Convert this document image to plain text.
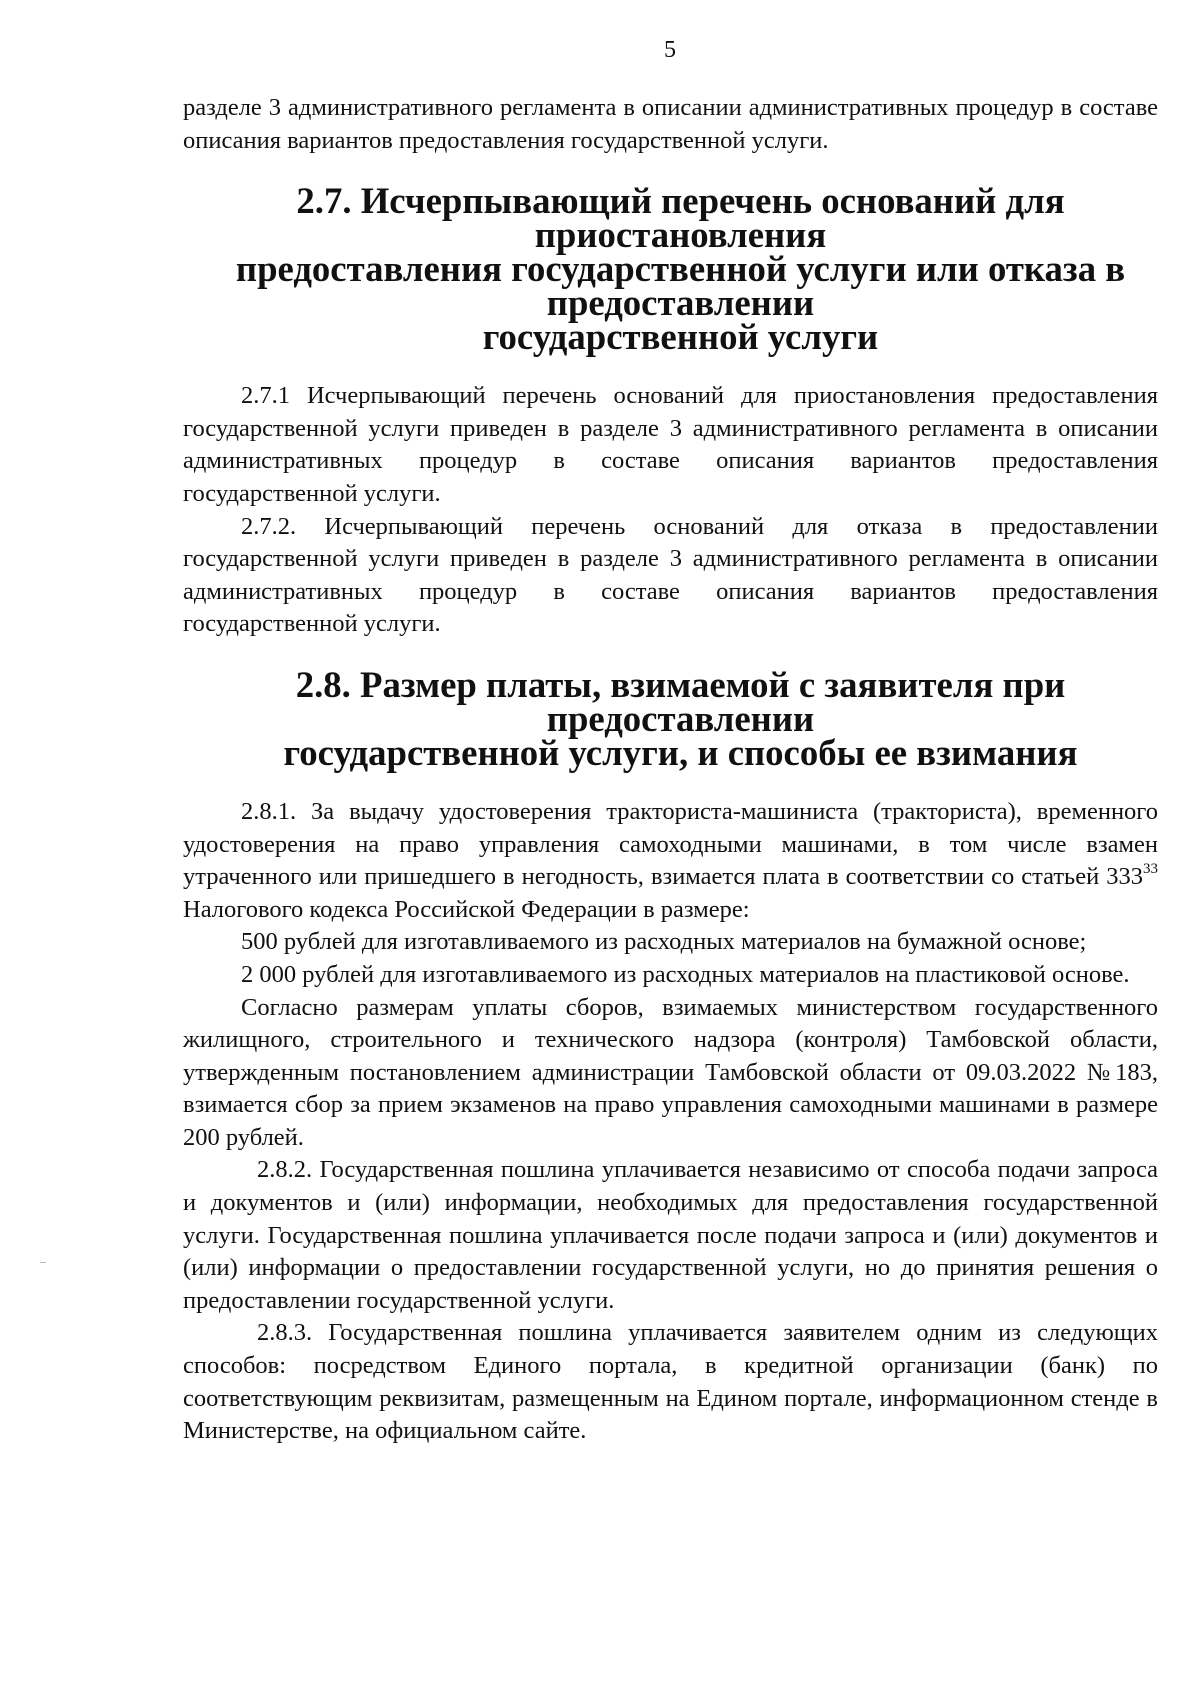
5

разделе 3 административного регламента в описании административных процедур в составе описания вариантов предоставления государственной услуги.

2.7. Исчерпывающий перечень оснований для приостановления
предоставления государственной услуги или отказа в предоставлении
государственной услуги

2.7.1 Исчерпывающий перечень оснований для приостановления предоставления государственной услуги приведен в разделе 3 административного регламента в описании административных процедур в составе описания вариантов предоставления государственной услуги.

2.7.2. Исчерпывающий перечень оснований для отказа в предоставлении государственной услуги приведен в разделе 3 административного регламента в описании административных процедур в составе описания вариантов предоставления государственной услуги.

2.8. Размер платы, взимаемой с заявителя при предоставлении
государственной услуги, и способы ее взимания

2.8.1. За выдачу удостоверения тракториста-машиниста (тракториста), временного удостоверения на право управления самоходными машинами, в том числе взамен утраченного или пришедшего в негодность, взимается плата в соответствии со статьей $333^{33}$ Налогового кодекса Российской Федерации в размере:

500 рублей для изготавливаемого из расходных материалов на бумажной основе;

2 000 рублей для изготавливаемого из расходных материалов на пластиковой основе.

Согласно размерам уплаты сборов, взимаемых министерством государственного жилищного, строительного и технического надзора (контроля) Тамбовской области, утвержденным постановлением администрации Тамбовской области от 09.03.2022 №183, взимается сбор за прием экзаменов на право управления самоходными машинами в размере 200 рублей.

2.8.2. Государственная пошлина уплачивается независимо от способа подачи запроса и документов и (или) информации, необходимых для предоставления государственной услуги. Государственная пошлина уплачивается после подачи запроса и (или) документов и (или) информации о предоставлении государственной услуги, но до принятия решения о предоставлении государственной услуги.

2.8.3. Государственная пошлина уплачивается заявителем одним из следующих способов: посредством Единого портала, в кредитной организации (банк) по соответствующим реквизитам, размещенным на Едином портале, информационном стенде в Министерстве, на официальном сайте.
